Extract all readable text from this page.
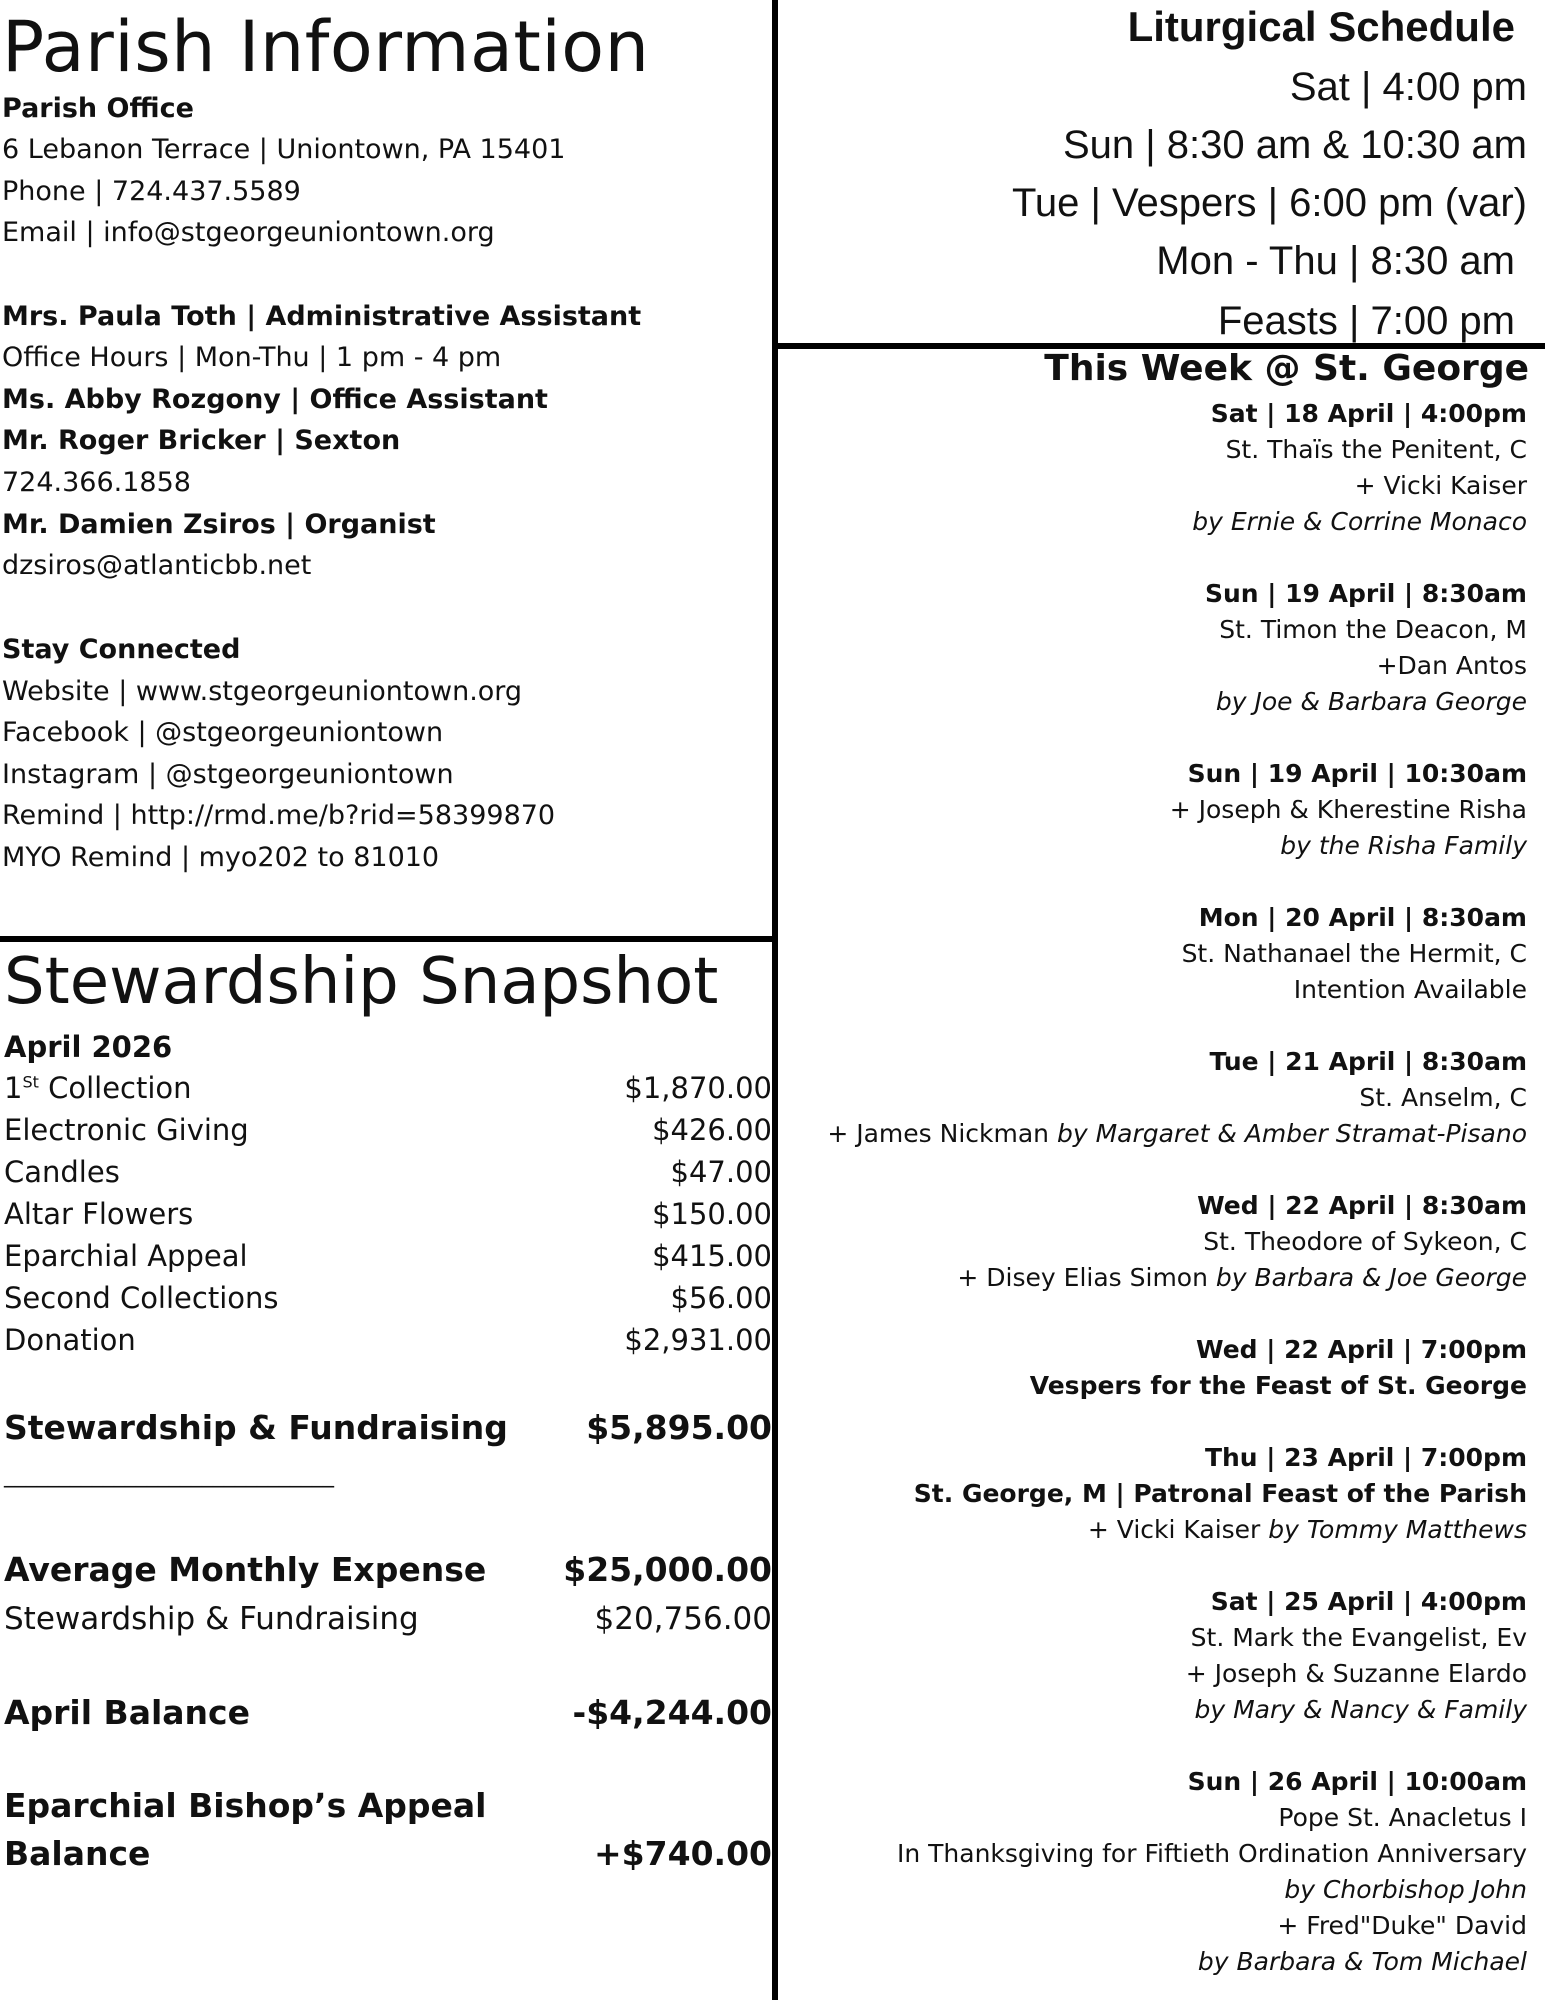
Parish Information
Parish Office
6 Lebanon Terrace | Uniontown, PA 15401
Phone | 724.437.5589
Email | info@stgeorgeuniontown.org
Mrs. Paula Toth | Administrative Assistant
Office Hours | Mon-Thu | 1 pm - 4 pm
Ms. Abby Rozgony | Office Assistant
Mr. Roger Bricker | Sexton
724.366.1858
Mr. Damien Zsiros | Organist
dzsiros@atlanticbb.net
Stay Connected
Website | www.stgeorgeuniontown.org
Facebook | @stgeorgeuniontown
Instagram | @stgeorgeuniontown
Remind | http://rmd.me/b?rid=58399870
MYO Remind | myo202 to 81010
Liturgical Schedule
Sat | 4:00 pm
Sun | 8:30 am & 10:30 am
Tue | Vespers | 6:00 pm (var)
Mon - Thu | 8:30 am
Feasts | 7:00 pm
This Week @ St. George
Sat | 18 April | 4:00pm
St. Thaïs the Penitent, C
+ Vicki Kaiser
by Ernie & Corrine Monaco
Sun | 19 April | 8:30am
St. Timon the Deacon, M
+Dan Antos
by Joe & Barbara George
Sun | 19 April | 10:30am
+ Joseph & Kherestine Risha
by the Risha Family
Mon | 20 April | 8:30am
St. Nathanael the Hermit, C
Intention Available
Tue | 21 April | 8:30am
St. Anselm, C
+ James Nickman by Margaret & Amber Stramat-Pisano
Wed | 22 April | 8:30am
St. Theodore of Sykeon, C
+ Disey Elias Simon by Barbara & Joe George
Wed | 22 April | 7:00pm
Vespers for the Feast of St. George
Thu | 23 April | 7:00pm
St. George, M | Patronal Feast of the Parish
+ Vicki Kaiser by Tommy Matthews
Sat | 25 April | 4:00pm
St. Mark the Evangelist, Ev
+ Joseph & Suzanne Elardo
by Mary & Nancy & Family
Sun | 26 April | 10:00am
Pope St. Anacletus I
In Thanksgiving for Fiftieth Ordination Anniversary
by Chorbishop John
+ Fred"Duke" David
by Barbara & Tom Michael
Stewardship Snapshot
April 2026
1St Collection	$1,870.00
Electronic Giving	$426.00
Candles	$47.00
Altar Flowers	$150.00
Eparchial Appeal	$415.00
Second Collections	$56.00
Donation	$2,931.00
Stewardship & Fundraising $5,895.00
______________________________
Average Monthly Expense $25,000.00
Stewardship & Fundraising	$20,756.00
April Balance	-$4,244.00
Eparchial Bishop’s Appeal
Balance	+$740.00
